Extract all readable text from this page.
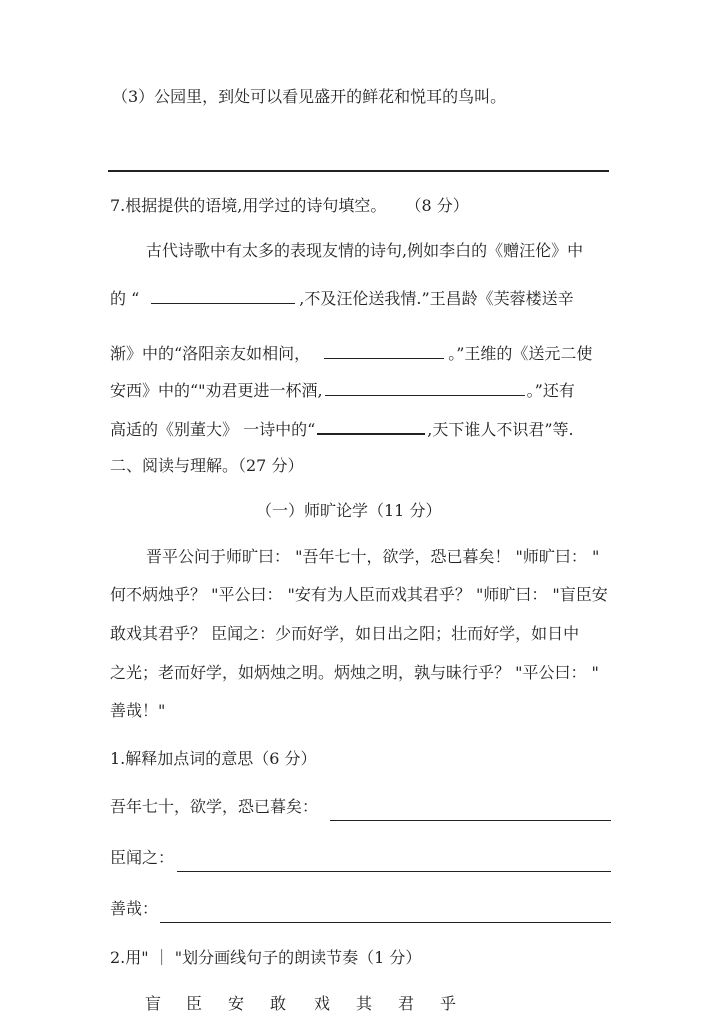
（3）公园里，到处可以看见盛开的鲜花和悦耳的鸟叫。
7.根据提供的语境,用学过的诗句填空。 （8 分）
古代诗歌中有太多的表现友情的诗句,例如李白的《赠汪伦》中
的 “	,不及汪伦送我情.”王昌龄《芙蓉楼送辛
渐》中的“洛阳亲友如相问，	。”王维的《送元二使
安西》中的“"劝君更进一杯酒,	。”还有
高适的《别董大》 一诗中的“	,天下谁人不识君”等.
二、阅读与理解。（27 分）
（一）师旷论学（11 分）
晋平公问于师旷曰： "吾年七十，欲学，恐已暮矣！ "师旷曰： "
何不炳烛乎？ "平公曰： "安有为人臣而戏其君乎？ "师旷曰： "盲臣安
敢戏其君乎？ 臣闻之：少而好学，如日出之阳；壮而好学，如日中
之光；老而好学，如炳烛之明。炳烛之明，孰与昧行乎？ "平公曰： "
善哉！"
1.解释加点词的意思（6 分）
吾年七十，欲学，恐已暮矣：
臣闻之：
善哉：
2.用" ｜ "划分画线句子的朗读节奏（1 分）
盲 臣 安 敢 戏 其 君 乎
